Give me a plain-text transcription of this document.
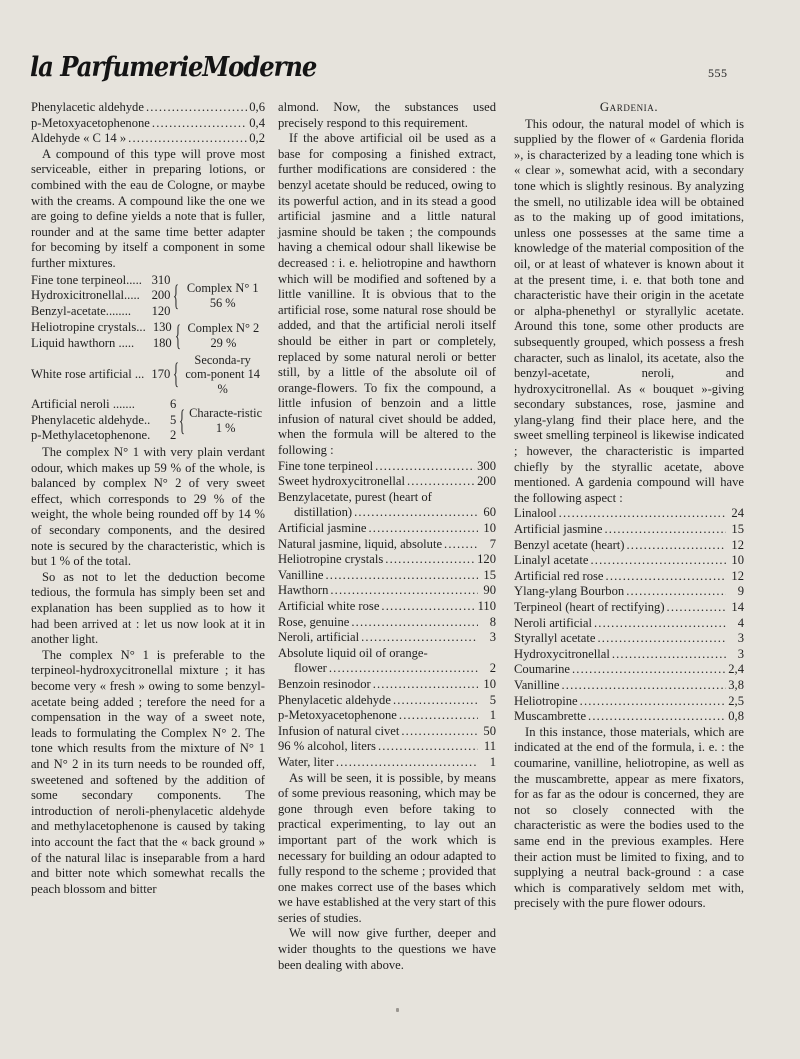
la ParfumerieModerne	555
Phenylacetic aldehyde . . .	0,6
p-Metoxyacetophenone . . .	0,4
Aldehyde « C 14 » . . .	0,2

A compound of this type will prove most serviceable, either in preparing lotions, or combined with the eau de Cologne, or maybe with the creams. A compound like the one we are going to define yields a note that is fuller, rounder and at the same time better adapter for becoming by itself a component in some further mixtures.

Fine tone terpineol..... 310
Hydroxicitronellal..... 200
Benzyl-acetate........	120 { Complex N° 1 56 %
Heliotropine crystals... 130
Liquid hawthorn .....	180 { Complex N° 2 29 %
White rose artificial ... 170 {	Seconda-ry com-ponent 14 %
Artificial neroli .......	6
Phenylacetic aldehyde..	5
p-Methylacetophenone.	2 { Characte-ristic 1 %

The complex N° 1 with very plain verdant odour, which makes up 59 % of the whole, is balanced by complex N° 2 of very sweet effect, which corresponds to 29 % of the weight, the whole being rounded off by 14 % of secondary components, and the desired note is secured by the characteristic, which is but 1 % of the total.

So as not to let the deduction become tedious, the formula has simply been set and explanation has been supplied as to how it had been arrived at : let us now look at it in another light.

The complex N° 1 is preferable to the terpineol-hydroxycitronellal mixture ; it has become very « fresh » owing to some benzyl-acetate being added ; terefore the need for a compensation in the way of a sweet note, leads to formulating the Complex N° 2. The tone which results from the mixture of N° 1 and N° 2 in its turn needs to be rounded off, sweetened and softened by the addition of some secondary components. The introduction of neroli-phenylacetic aldehyde and methylacetophenone is caused by taking into account the fact that the « back ground » of the natural lilac is inseparable from a hard and bitter note which somewhat recalls the peach blossom and bitter

almond. Now, the substances used precisely respond to this requirement.

If the above artificial oil be used as a base for composing a finished extract, further modifications are considered : the benzyl acetate should be reduced, owing to its powerful action, and in its stead a good artificial jasmine and a little natural jasmine should be taken ; the compounds having a chemical odour shall likewise be decreased : i. e. heliotropine and hawthorn which will be modified and softened by a little vanilline. It is obvious that to the artificial rose, some natural rose should be added, and that the artificial neroli itself should be either in part or completely, replaced by some natural neroli or better still, by a little of the absolute oil of orange-flowers. To fix the compound, a little infusion of benzoin and a little infusion of natural civet should be added, when the formula will be altered to the following :

Fine tone terpineol . . .	300
Sweet hydroxycitronellal . . .	200
Benzylacetate, purest (heart of
distillation) . . .	60
Artificial jasmine . . .	10
Natural jasmine, liquid, absolute . . .	7
Heliotropine crystals . . .	120
Vanilline . . .	15
Hawthorn . . .	90
Artificial white rose . . .	110
Rose, genuine . . .	8
Neroli, artificial . . .	3
Absolute liquid oil of orange-
flower . . .	2
Benzoin resinodor . . .	10
Phenylacetic aldehyde . . .	5
p-Metoxyacetophenone . . .	1
Infusion of natural civet . . .	50
96 % alcohol, liters . . .	11
Water, liter . . .	1

As will be seen, it is possible, by means of some previous reasoning, which may be gone through even before taking to practical experimenting, to lay out an important part of the work which is necessary for building an odour adapted to fully respond to the scheme ; provided that one makes correct use of the bases which we have established at the very start of this series of studies.

We will now give further, deeper and wider thoughts to the questions we have been dealing with above.

Gardenia.

This odour, the natural model of which is supplied by the flower of « Gardenia florida », is characterized by a leading tone which is « clear », somewhat acid, with a secondary tone which is slightly resinous. By analyzing the smell, no utilizable idea will be obtained as to the making up of good imitations, unless one possesses at the same time a knowledge of the material composition of the oil, or at least of whatever is known about it at the present time, i. e. that both tone and characteristic have their origin in the acetate or alpha-phenethyl or styrallylic acetate. Around this tone, some other products are subsequently grouped, which possess a fresh character, such as linalol, its acetate, also the benzyl-acetate, neroli, and hydroxycitronellal. As « bouquet »-giving secondary substances, rose, jasmine and ylang-ylang find their place here, and the sweet smelling terpineol is likewise indicated ; however, the characteristic is imparted chiefly by the styrallic acetate, above mentioned. A gardenia compound will have the following aspect :

Linalool . . .	24
Artificial jasmine . . .	15
Benzyl acetate (heart) . . .	12
Linalyl acetate . . .	10
Artificial red rose . . .	12
Ylang-ylang Bourbon . . .	9
Terpineol (heart of rectifying) . . .	14
Neroli artificial . . .	4
Styrallyl acetate . . .	3
Hydroxycitronellal . . .	3
Coumarine . . .	2,4
Vanilline . . .	3,8
Heliotropine . . .	2,5
Muscambrette . . .	0,8

In this instance, those materials, which are indicated at the end of the formula, i. e. : the coumarine, vanilline, heliotropine, as well as the muscambrette, appear as mere fixators, for as far as the odour is concerned, they are not so closely connected with the characteristic as were the bodies used to the same end in the previous examples. Here their action must be limited to fixing, and to supplying a neutral back-ground : a case which is comparatively seldom met with, precisely with the pure flower odours.
